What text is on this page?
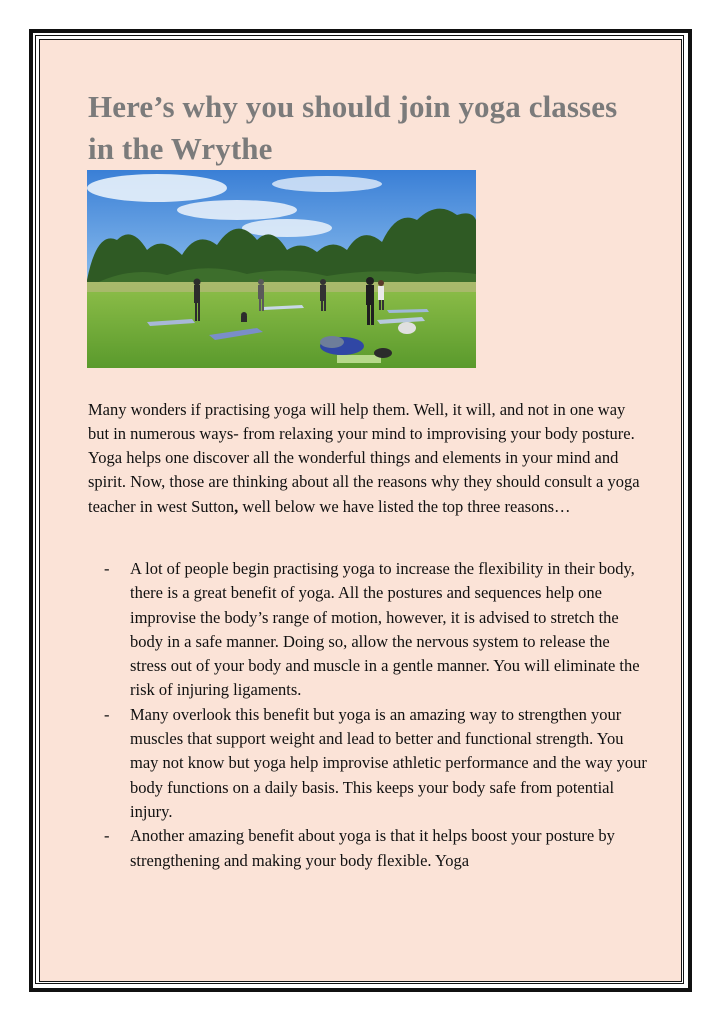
Here’s why you should join yoga classes in the Wrythe

Many wonders if practising yoga will help them. Well, it will, and not in one way but in numerous ways- from relaxing your mind to improvising your body posture. Yoga helps one discover all the wonderful things and elements in your mind and spirit. Now, those are thinking about all the reasons why they should consult a yoga teacher in west Sutton, well below we have listed the top three reasons…

- A lot of people begin practising yoga to increase the flexibility in their body, there is a great benefit of yoga. All the postures and sequences help one improvise the body’s range of motion, however, it is advised to stretch the body in a safe manner. Doing so, allow the nervous system to release the stress out of your body and muscle in a gentle manner. You will eliminate the risk of injuring ligaments.
- Many overlook this benefit but yoga is an amazing way to strengthen your muscles that support weight and lead to better and functional strength. You may not know but yoga help improvise athletic performance and the way your body functions on a daily basis. This keeps your body safe from potential injury.
- Another amazing benefit about yoga is that it helps boost your posture by strengthening and making your body flexible. Yoga
